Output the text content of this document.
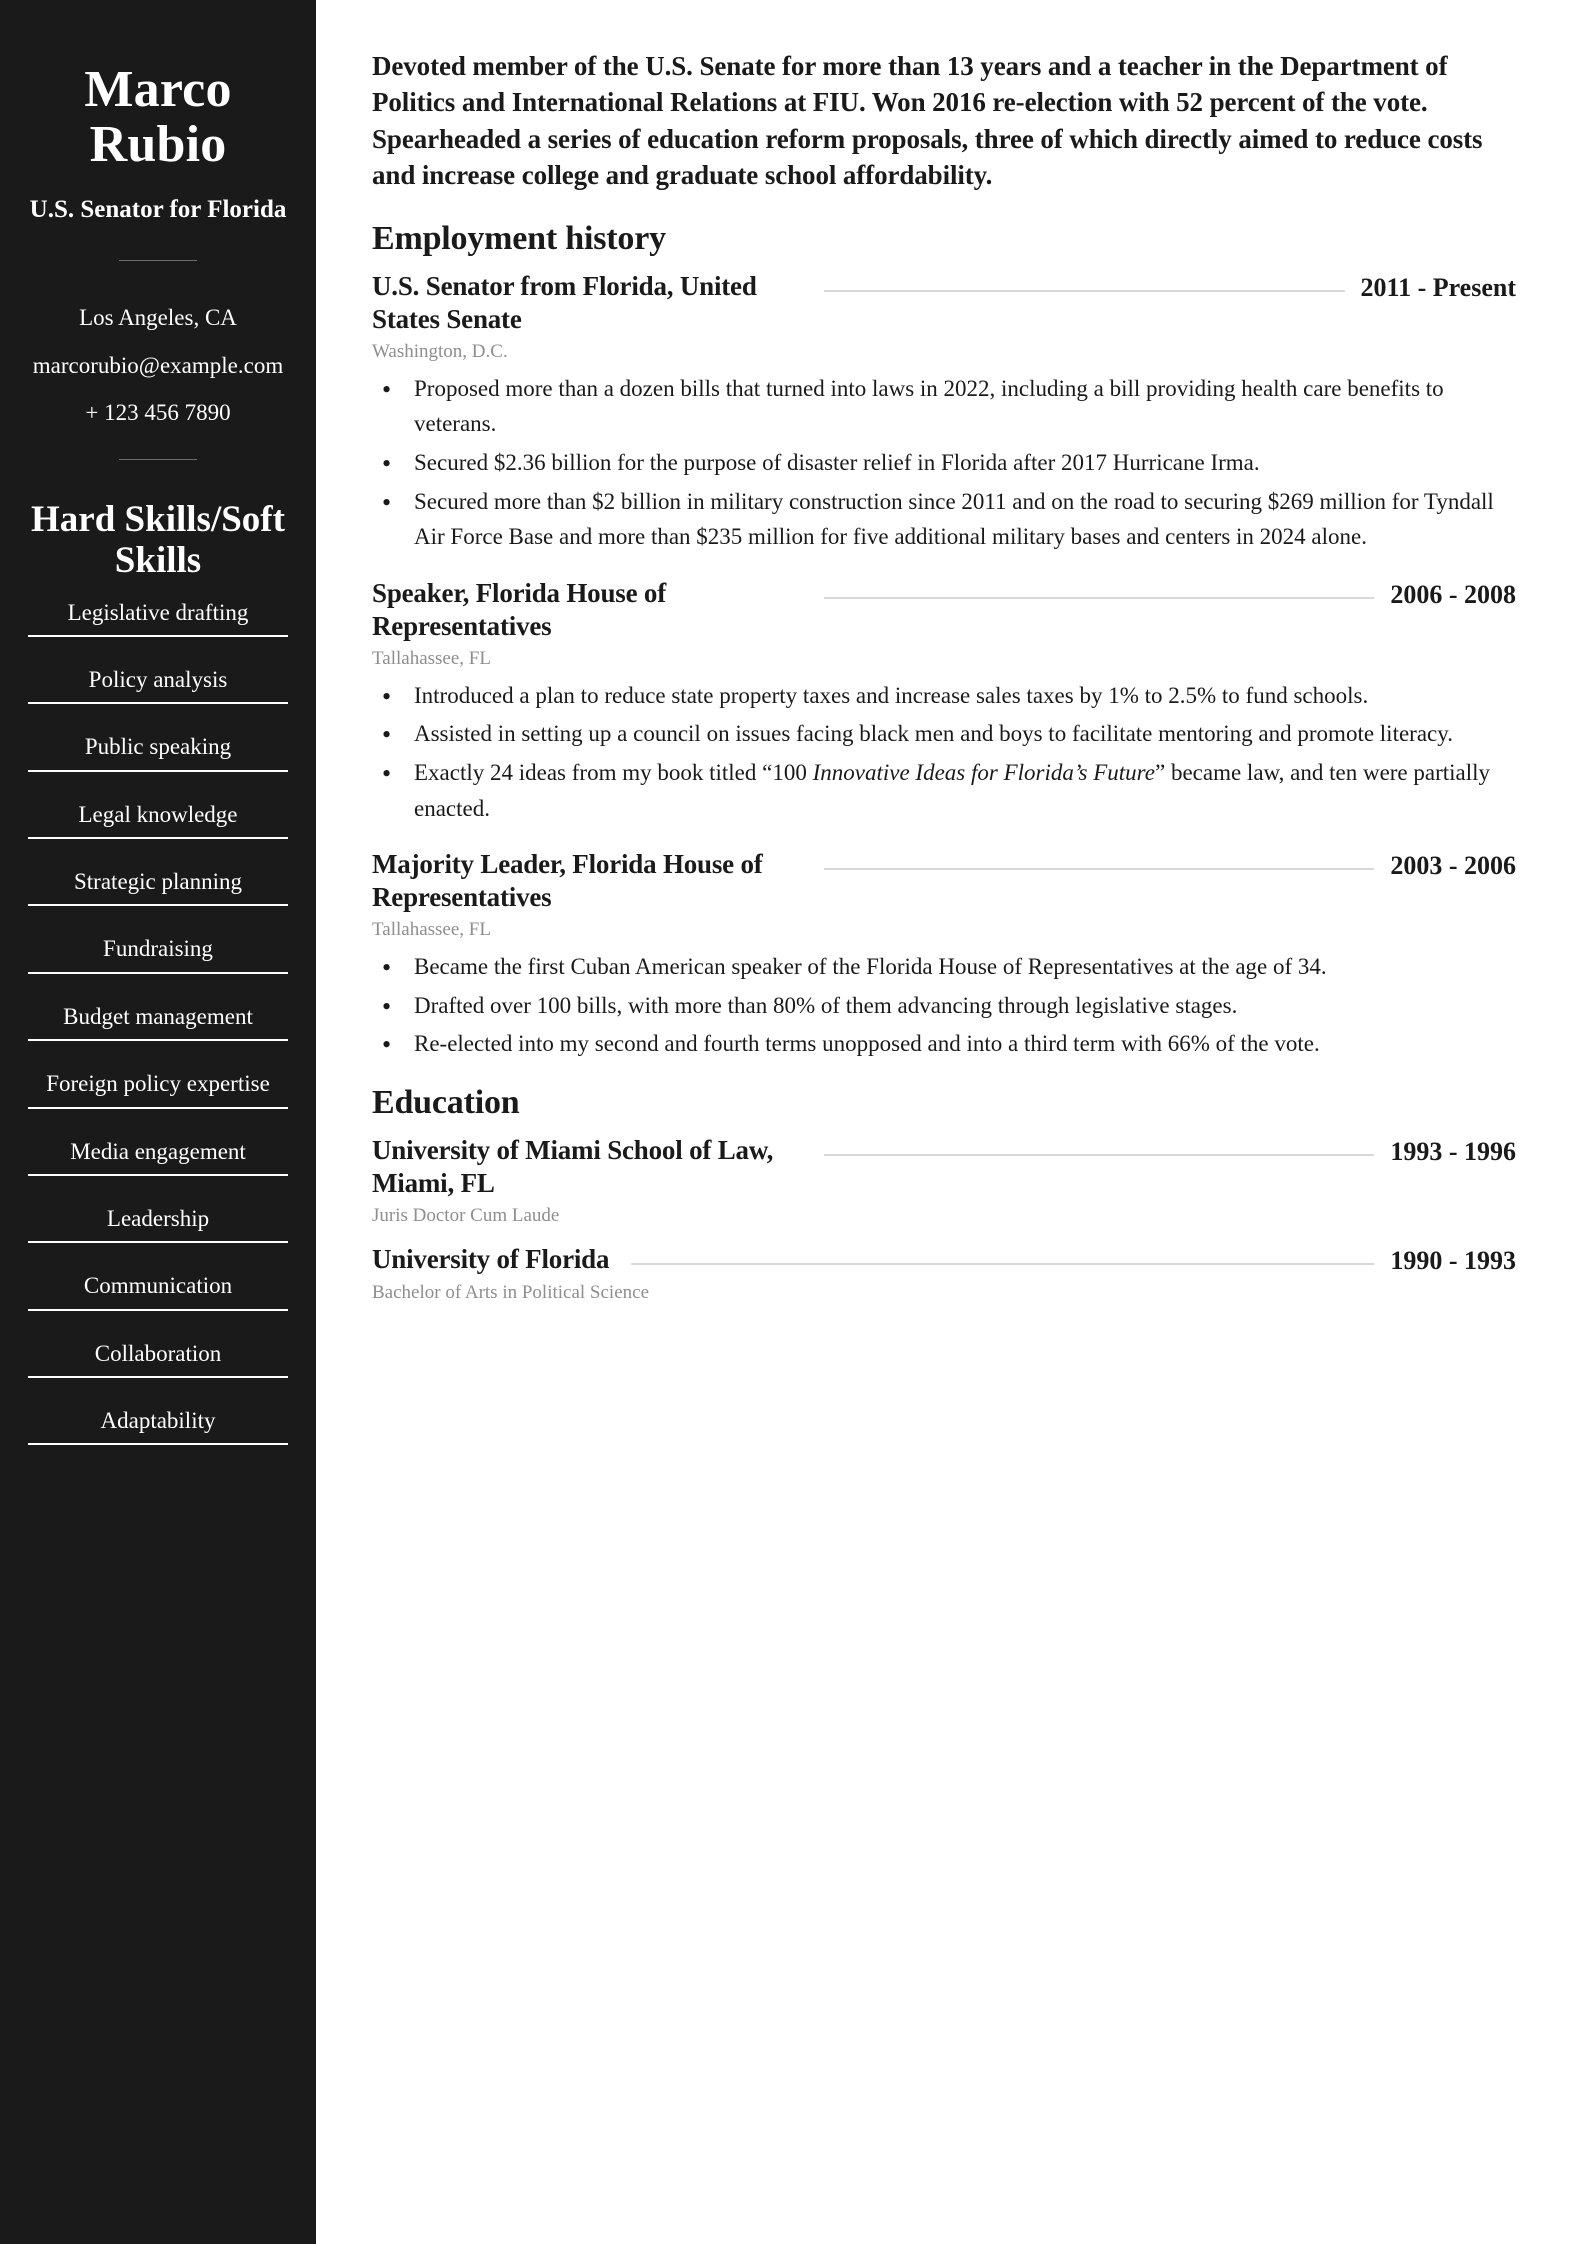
Marco Rubio
U.S. Senator for Florida
Los Angeles, CA
marcorubio@example.com
+ 123 456 7890
Hard Skills/Soft Skills
Legislative drafting
Policy analysis
Public speaking
Legal knowledge
Strategic planning
Fundraising
Budget management
Foreign policy expertise
Media engagement
Leadership
Communication
Collaboration
Adaptability

Devoted member of the U.S. Senate for more than 13 years and a teacher in the Department of Politics and International Relations at FIU. Won 2016 re-election with 52 percent of the vote. Spearheaded a series of education reform proposals, three of which directly aimed to reduce costs and increase college and graduate school affordability.

Employment history
U.S. Senator from Florida, United States Senate
2011 - Present
Washington, D.C.
• Proposed more than a dozen bills that turned into laws in 2022, including a bill providing health care benefits to veterans.
• Secured $2.36 billion for the purpose of disaster relief in Florida after 2017 Hurricane Irma.
• Secured more than $2 billion in military construction since 2011 and on the road to securing $269 million for Tyndall Air Force Base and more than $235 million for five additional military bases and centers in 2024 alone.
Speaker, Florida House of Representatives
2006 - 2008
Tallahassee, FL
• Introduced a plan to reduce state property taxes and increase sales taxes by 1% to 2.5% to fund schools.
• Assisted in setting up a council on issues facing black men and boys to facilitate mentoring and promote literacy.
• Exactly 24 ideas from my book titled “100 Innovative Ideas for Florida’s Future” became law, and ten were partially enacted.
Majority Leader, Florida House of Representatives
2003 - 2006
Tallahassee, FL
• Became the first Cuban American speaker of the Florida House of Representatives at the age of 34.
• Drafted over 100 bills, with more than 80% of them advancing through legislative stages.
• Re-elected into my second and fourth terms unopposed and into a third term with 66% of the vote.
Education
University of Miami School of Law, Miami, FL
1993 - 1996
Juris Doctor Cum Laude
University of Florida	1990 - 1993
Bachelor of Arts in Political Science
